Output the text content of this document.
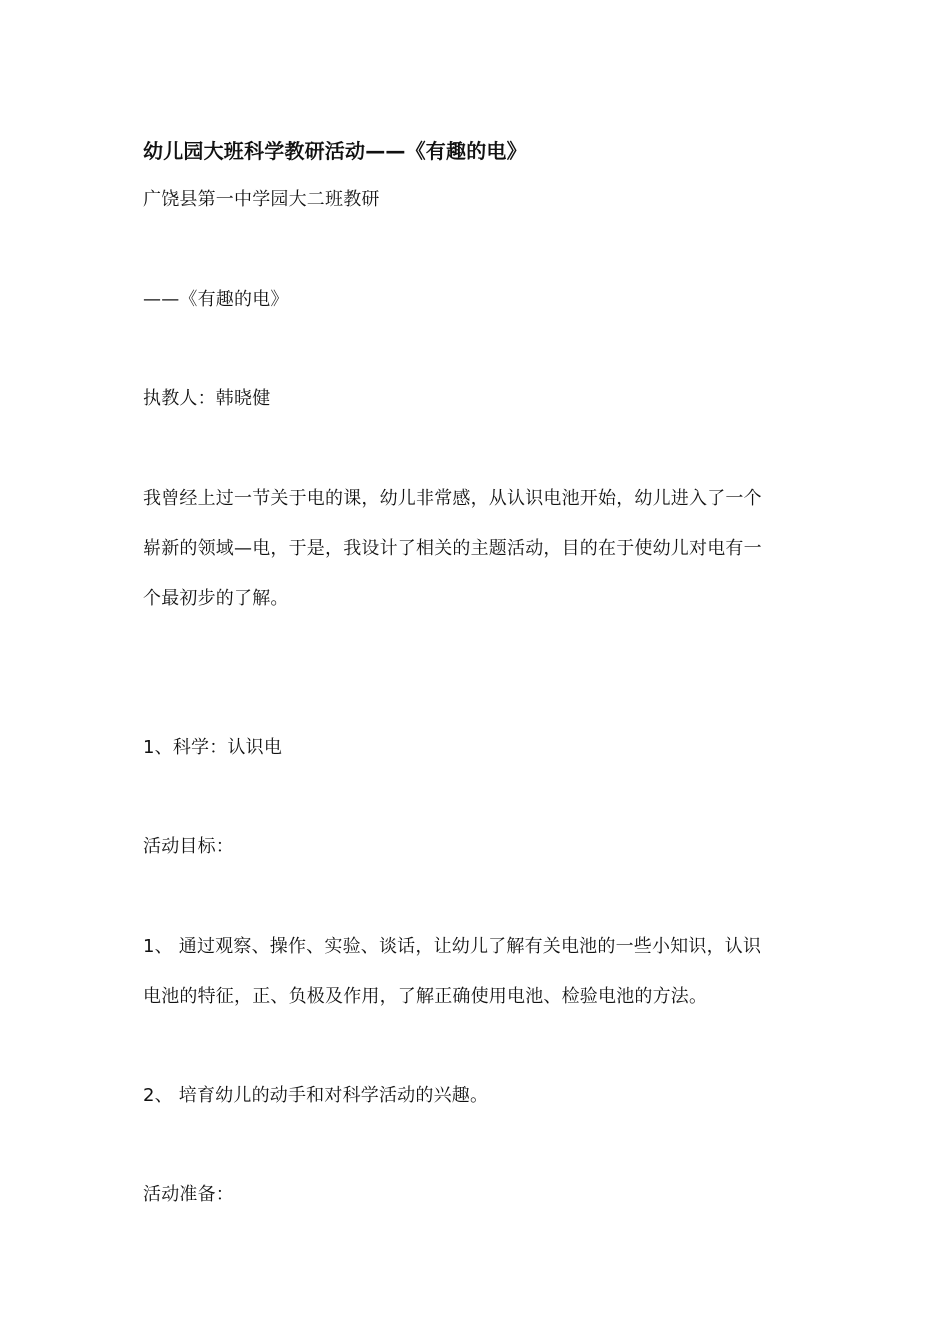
幼儿园大班科学教研活动——《有趣的电》
广饶县第一中学园大二班教研
——《有趣的电》
执教人：韩晓健
我曾经上过一节关于电的课，幼儿非常感，从认识电池开始，幼儿进入了一个
崭新的领域—电，于是，我设计了相关的主题活动，目的在于使幼儿对电有一
个最初步的了解。
1、科学：认识电
活动目标：
1、 通过观察、操作、实验、谈话，让幼儿了解有关电池的一些小知识，认识
电池的特征，正、负极及作用，了解正确使用电池、检验电池的方法。
2、 培育幼儿的动手和对科学活动的兴趣。
活动准备：
